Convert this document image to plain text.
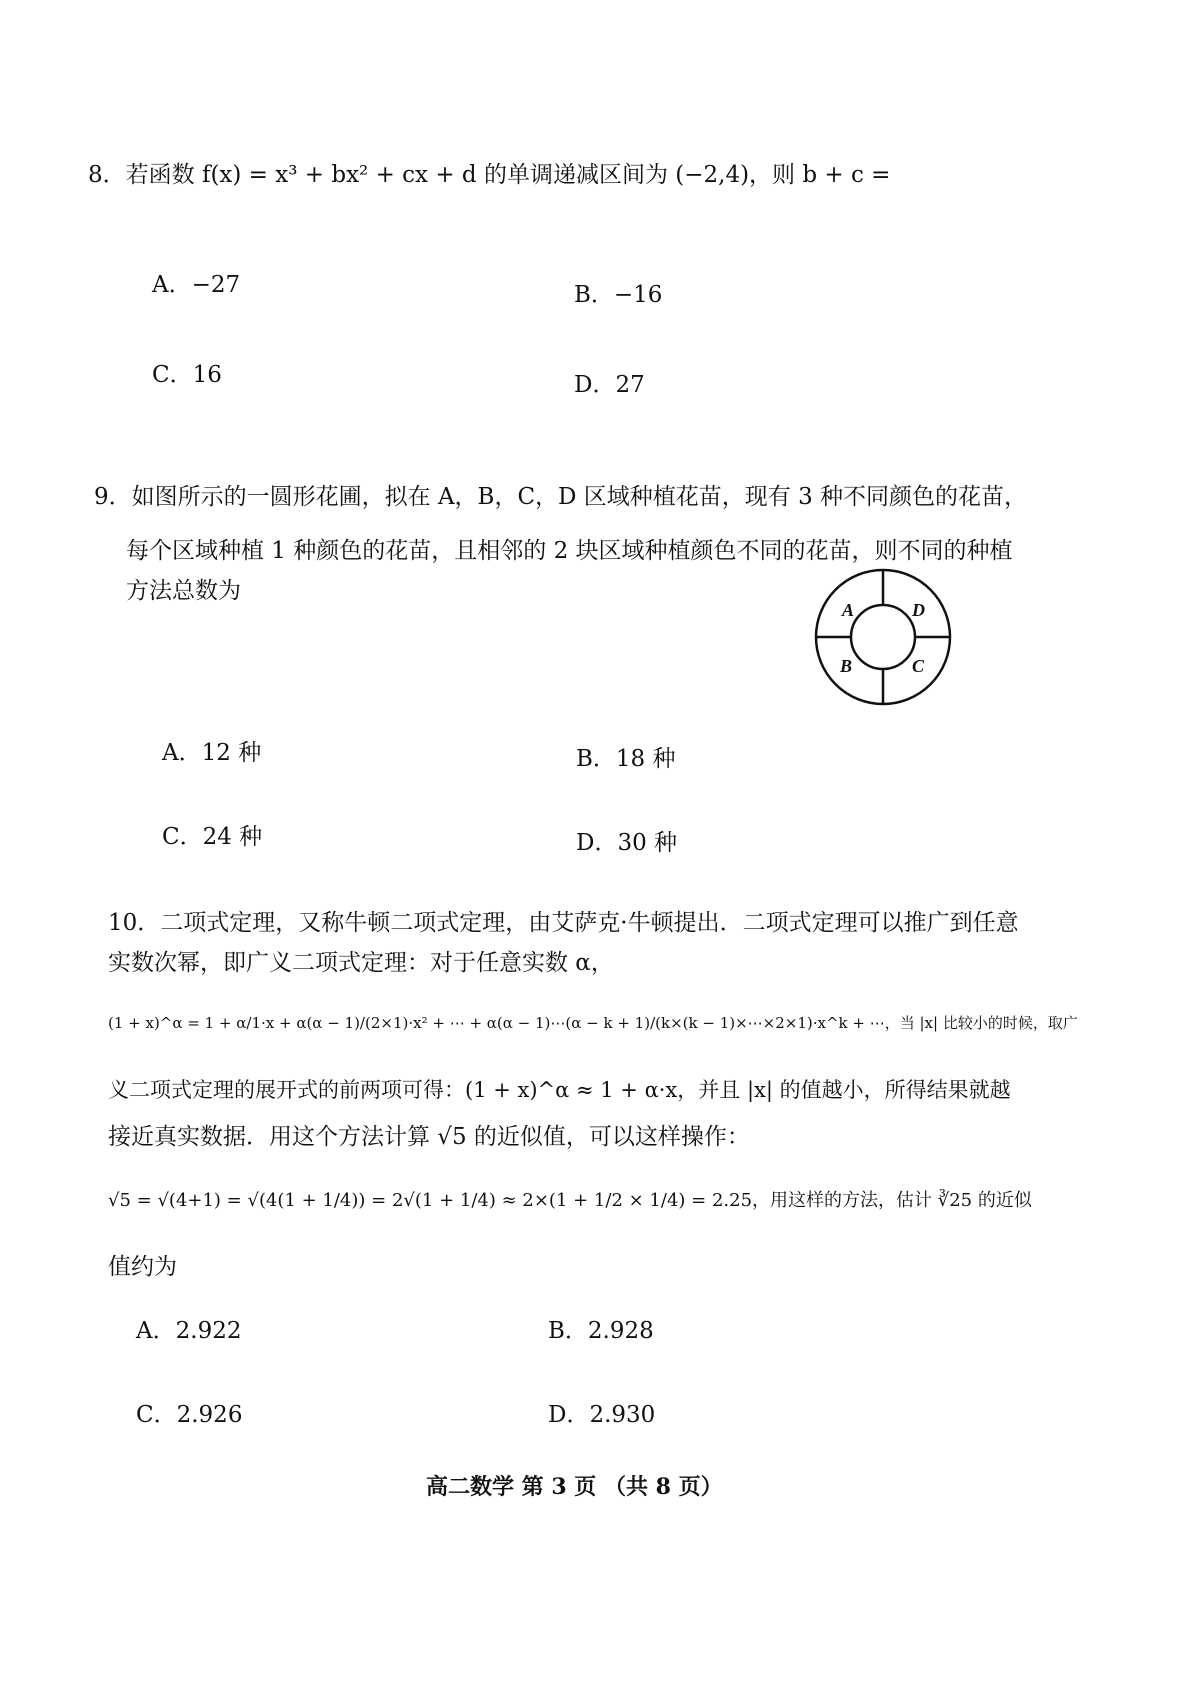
8．若函数 f(x) = x³ + bx² + cx + d 的单调递减区间为 (−2,4)，则 b + c =
A．−27	B．−16
C．16	D．27
9．如图所示的一圆形花圃，拟在 A，B，C，D 区域种植花苗，现有 3 种不同颜色的花苗，
每个区域种植 1 种颜色的花苗，且相邻的 2 块区域种植颜色不同的花苗，则不同的种植
方法总数为
A	D
B	C
A．12 种	B．18 种
C．24 种	D．30 种
10．二项式定理，又称牛顿二项式定理，由艾萨克·牛顿提出．二项式定理可以推广到任意
实数次幂，即广义二项式定理：对于任意实数 α，
(1 + x)^α = 1 + α/1·x + α(α − 1)/(2×1)·x² + ⋯ + α(α − 1)⋯(α − k + 1)/(k×(k − 1)×⋯×2×1)·x^k + ⋯，当 |x| 比较小的时候，取广
义二项式定理的展开式的前两项可得：(1 + x)^α ≈ 1 + α·x，并且 |x| 的值越小，所得结果就越
接近真实数据．用这个方法计算 √5 的近似值，可以这样操作：
√5 = √(4+1) = √(4(1 + 1/4)) = 2√(1 + 1/4) ≈ 2×(1 + 1/2 × 1/4) = 2.25，用这样的方法，估计 ∛25 的近似
值约为
A．2.922	B．2.928
C．2.926	D．2.930
高二数学 第 3 页 （共 8 页）
